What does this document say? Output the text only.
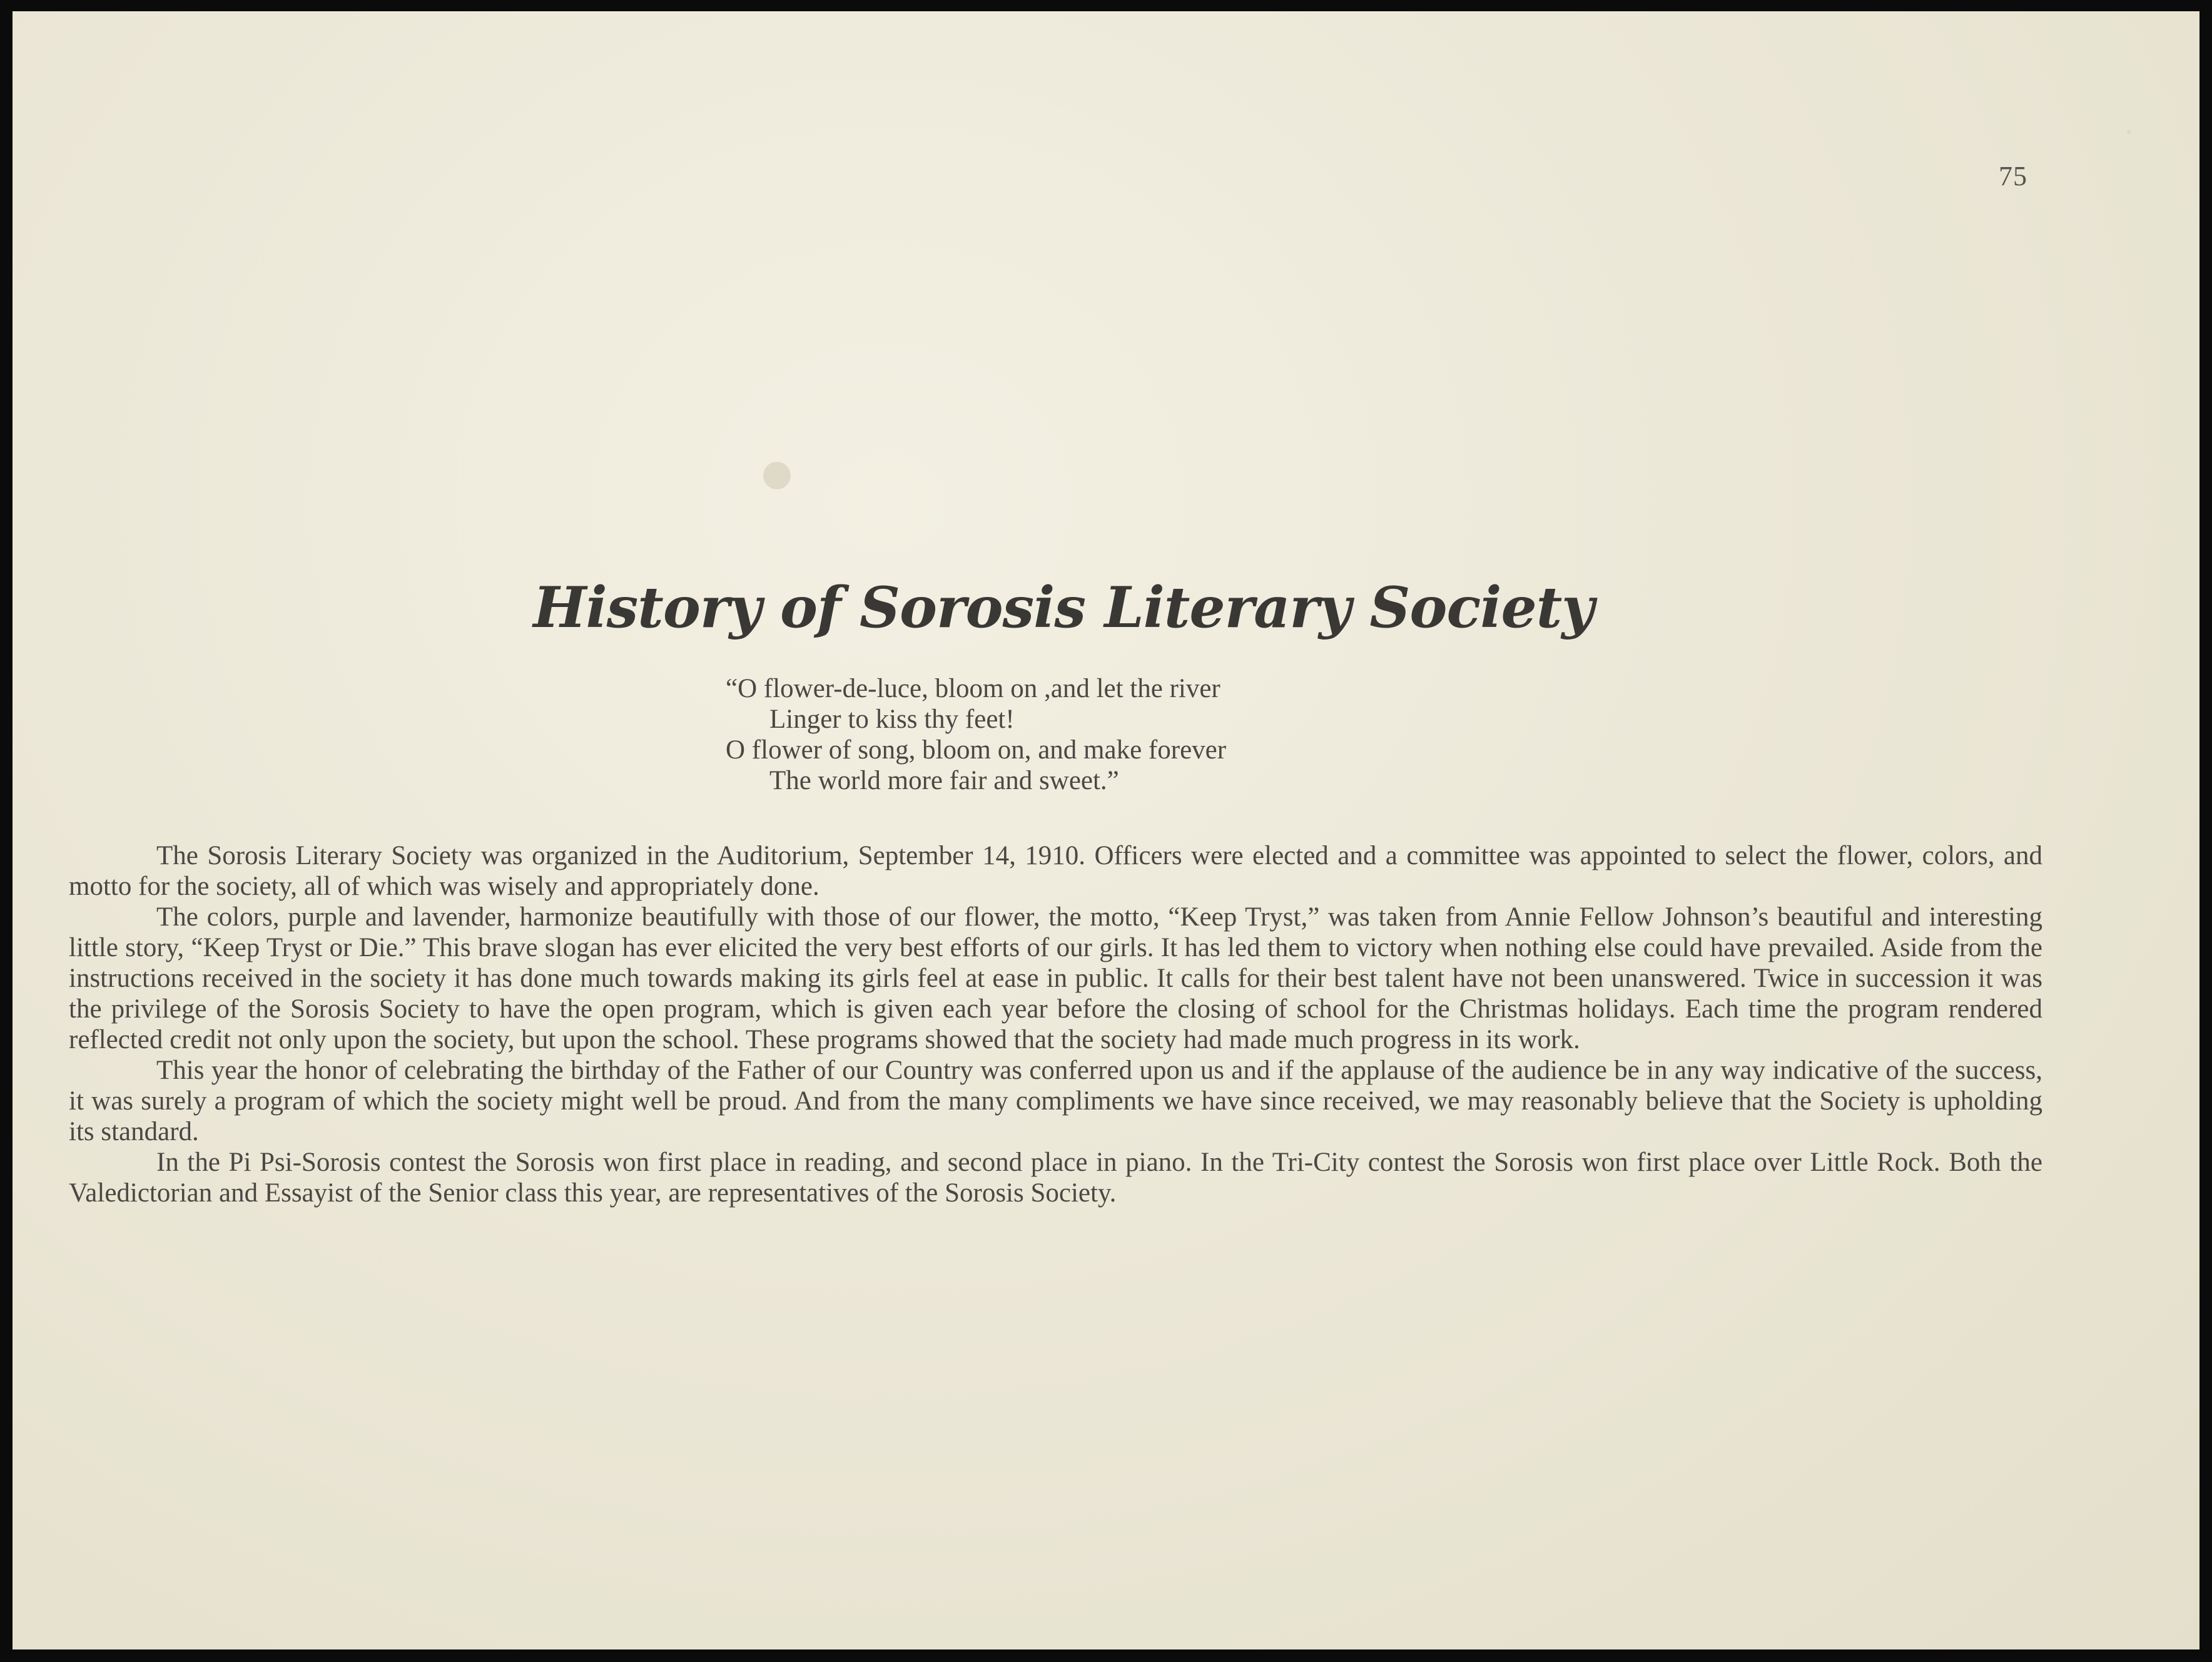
75
History of Sorosis Literary Society
“O flower-de-luce, bloom on ,and let the river
Linger to kiss thy feet!
O flower of song, bloom on, and make forever
The world more fair and sweet.”

The Sorosis Literary Society was organized in the Auditorium, September 14, 1910. Officers were elected and a committee was appointed to select the flower, colors, and motto for the society, all of which was wisely and appropriately done.

The colors, purple and lavender, harmonize beautifully with those of our flower, the motto, “Keep Tryst,” was taken from Annie Fellow Johnson’s beautiful and interesting little story, “Keep Tryst or Die.” This brave slogan has ever elicited the very best efforts of our girls. It has led them to victory when nothing else could have prevailed. Aside from the instructions received in the society it has done much towards making its girls feel at ease in public. It calls for their best talent have not been unanswered. Twice in succession it was the privilege of the Sorosis Society to have the open program, which is given each year before the closing of school for the Christmas holidays. Each time the program rendered reflected credit not only upon the society, but upon the school. These programs showed that the society had made much progress in its work.

This year the honor of celebrating the birthday of the Father of our Country was conferred upon us and if the applause of the audience be in any way indicative of the success, it was surely a program of which the society might well be proud. And from the many compliments we have since received, we may reasonably believe that the Society is upholding its standard.

In the Pi Psi-Sorosis contest the Sorosis won first place in reading, and second place in piano. In the Tri-City contest the Sorosis won first place over Little Rock. Both the Valedictorian and Essayist of the Senior class this year, are representatives of the Sorosis Society.
